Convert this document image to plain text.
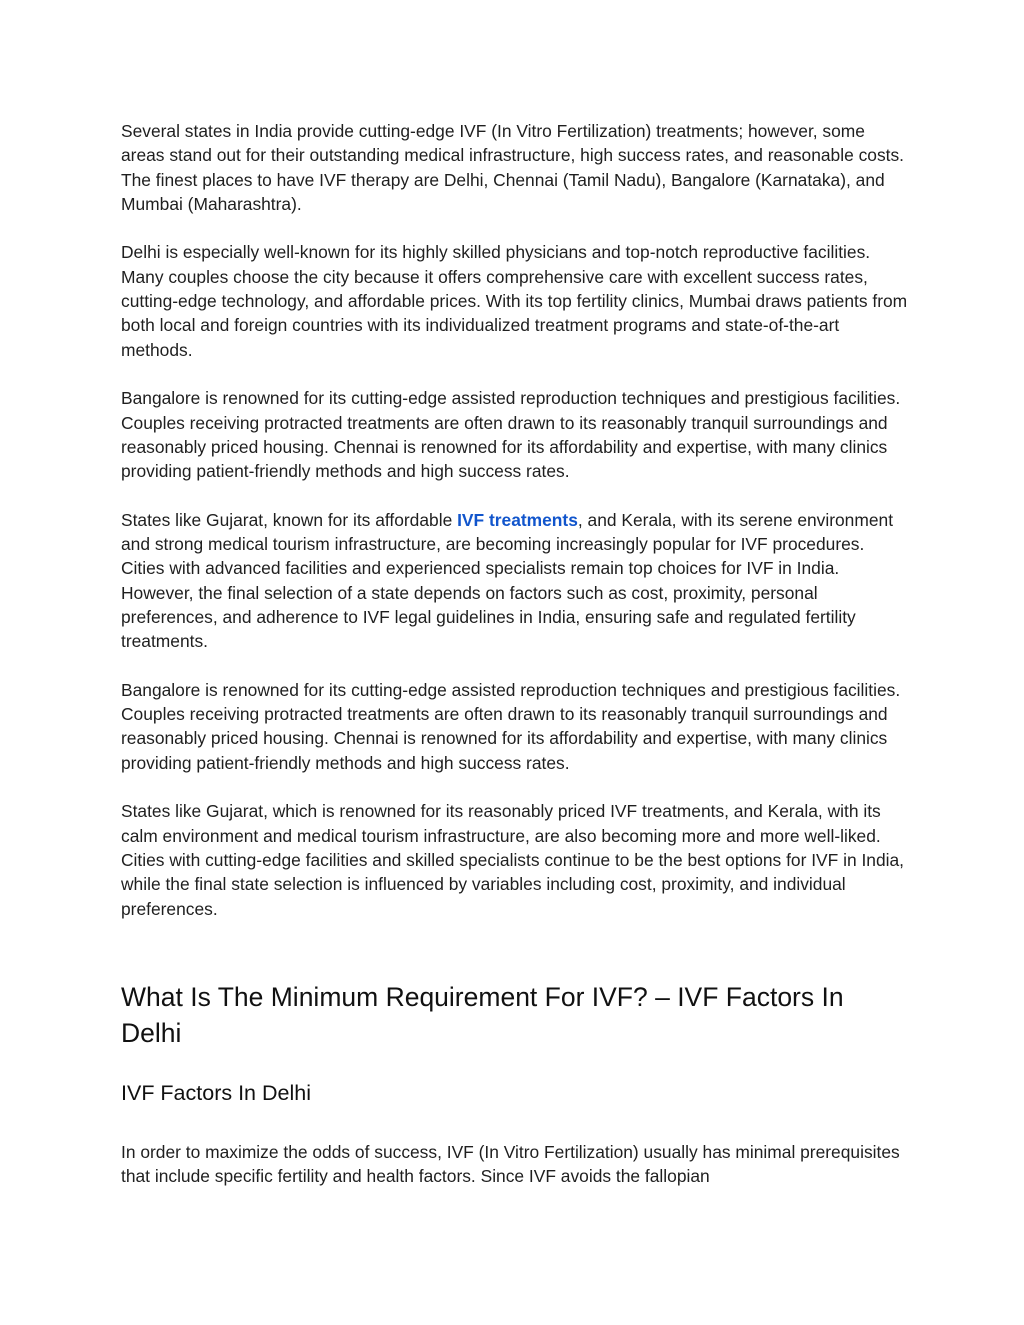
Several states in India provide cutting-edge IVF (In Vitro Fertilization) treatments; however, some areas stand out for their outstanding medical infrastructure, high success rates, and reasonable costs. The finest places to have IVF therapy are Delhi, Chennai (Tamil Nadu), Bangalore (Karnataka), and Mumbai (Maharashtra).

Delhi is especially well-known for its highly skilled physicians and top-notch reproductive facilities. Many couples choose the city because it offers comprehensive care with excellent success rates, cutting-edge technology, and affordable prices. With its top fertility clinics, Mumbai draws patients from both local and foreign countries with its individualized treatment programs and state-of-the-art methods.

Bangalore is renowned for its cutting-edge assisted reproduction techniques and prestigious facilities. Couples receiving protracted treatments are often drawn to its reasonably tranquil surroundings and reasonably priced housing. Chennai is renowned for its affordability and expertise, with many clinics providing patient-friendly methods and high success rates.

States like Gujarat, known for its affordable IVF treatments, and Kerala, with its serene environment and strong medical tourism infrastructure, are becoming increasingly popular for IVF procedures. Cities with advanced facilities and experienced specialists remain top choices for IVF in India. However, the final selection of a state depends on factors such as cost, proximity, personal preferences, and adherence to IVF legal guidelines in India, ensuring safe and regulated fertility treatments.

Bangalore is renowned for its cutting-edge assisted reproduction techniques and prestigious facilities. Couples receiving protracted treatments are often drawn to its reasonably tranquil surroundings and reasonably priced housing. Chennai is renowned for its affordability and expertise, with many clinics providing patient-friendly methods and high success rates.

States like Gujarat, which is renowned for its reasonably priced IVF treatments, and Kerala, with its calm environment and medical tourism infrastructure, are also becoming more and more well-liked. Cities with cutting-edge facilities and skilled specialists continue to be the best options for IVF in India, while the final state selection is influenced by variables including cost, proximity, and individual preferences.

What Is The Minimum Requirement For IVF? – IVF Factors In Delhi
IVF Factors In Delhi

In order to maximize the odds of success, IVF (In Vitro Fertilization) usually has minimal prerequisites that include specific fertility and health factors. Since IVF avoids the fallopian
